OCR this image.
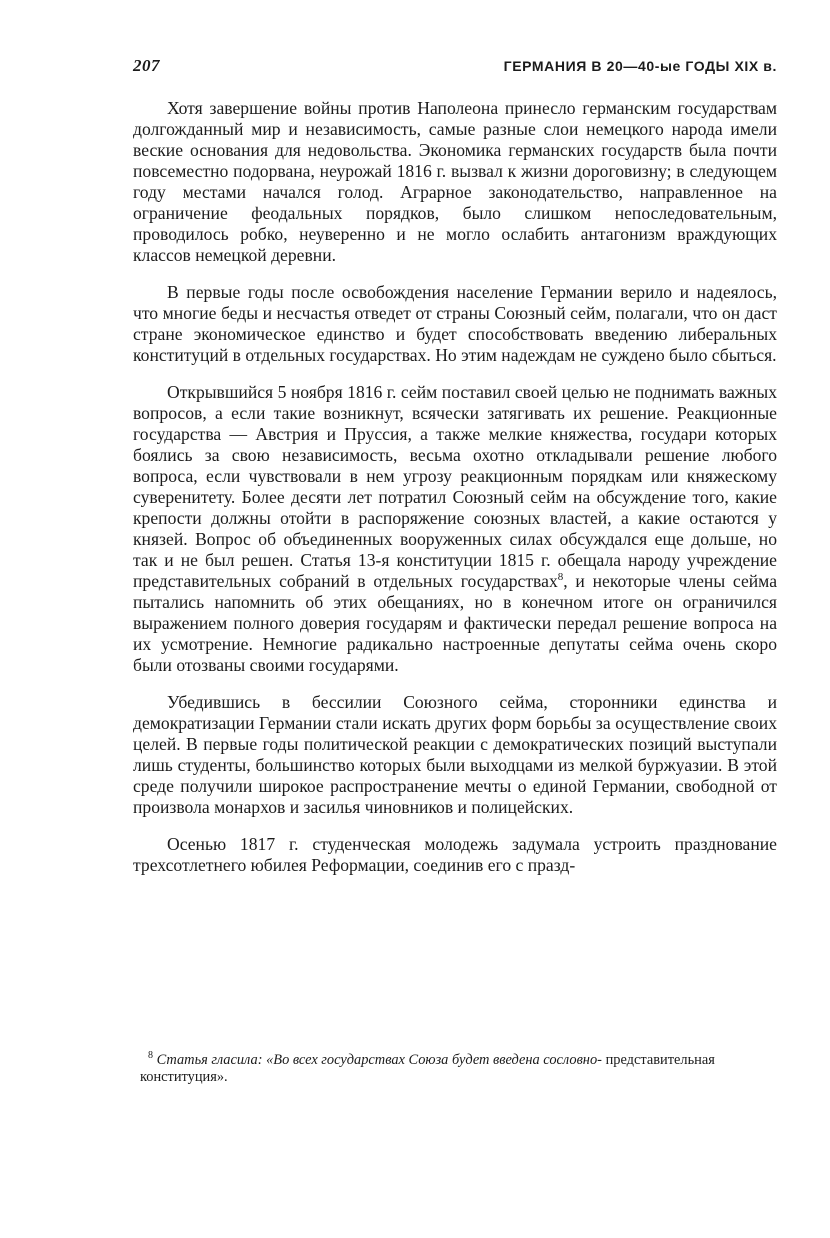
207	ГЕРМАНИЯ В 20—40-ые ГОДЫ XIX в.

Хотя завершение войны против Наполеона принесло германским государствам долгожданный мир и независимость, самые разные слои немецкого народа имели веские основания для недовольства. Экономика германских государств была почти повсеместно подорвана, неурожай 1816 г. вызвал к жизни дороговизну; в следующем году местами начался голод. Аграрное законодательство, направленное на ограничение феодальных порядков, было слишком непоследовательным, проводилось робко, неуверенно и не могло ослабить антагонизм враждующих классов немецкой деревни.

В первые годы после освобождения население Германии верило и надеялось, что многие беды и несчастья отведет от страны Союзный сейм, полагали, что он даст стране экономическое единство и будет способствовать введению либеральных конституций в отдельных государствах. Но этим надеждам не суждено было сбыться.

Открывшийся 5 ноября 1816 г. сейм поставил своей целью не поднимать важных вопросов, а если такие возникнут, всячески затягивать их решение. Реакционные государства — Австрия и Пруссия, а также мелкие княжества, государи которых боялись за свою независимость, весьма охотно откладывали решение любого вопроса, если чувствовали в нем угрозу реакционным порядкам или княжескому суверенитету. Более десяти лет потратил Союзный сейм на обсуждение того, какие крепости должны отойти в распоряжение союзных властей, а какие остаются у князей. Вопрос об объединенных вооруженных силах обсуждался еще дольше, но так и не был решен. Статья 13-я конституции 1815 г. обещала народу учреждение представительных собраний в отдельных государствах$^8$, и некоторые члены сейма пытались напомнить об этих обещаниях, но в конечном итоге он ограничился выражением полного доверия государям и фактически передал решение вопроса на их усмотрение. Немногие радикально настроенные депутаты сейма очень скоро были отозваны своими государями.

Убедившись в бессилии Союзного сейма, сторонники единства и демократизации Германии стали искать других форм борьбы за осуществление своих целей. В первые годы политической реакции с демократических позиций выступали лишь студенты, большинство которых были выходцами из мелкой буржуазии. В этой среде получили широкое распространение мечты о единой Германии, свободной от произвола монархов и засилья чиновников и полицейских.

Осенью 1817 г. студенческая молодежь задумала устроить празднование трехсотлетнего юбилея Реформации, соединив его с празд-

$^8$ Статья гласила: «Во всех государствах Союза будет введена сословно- представительная конституция».
